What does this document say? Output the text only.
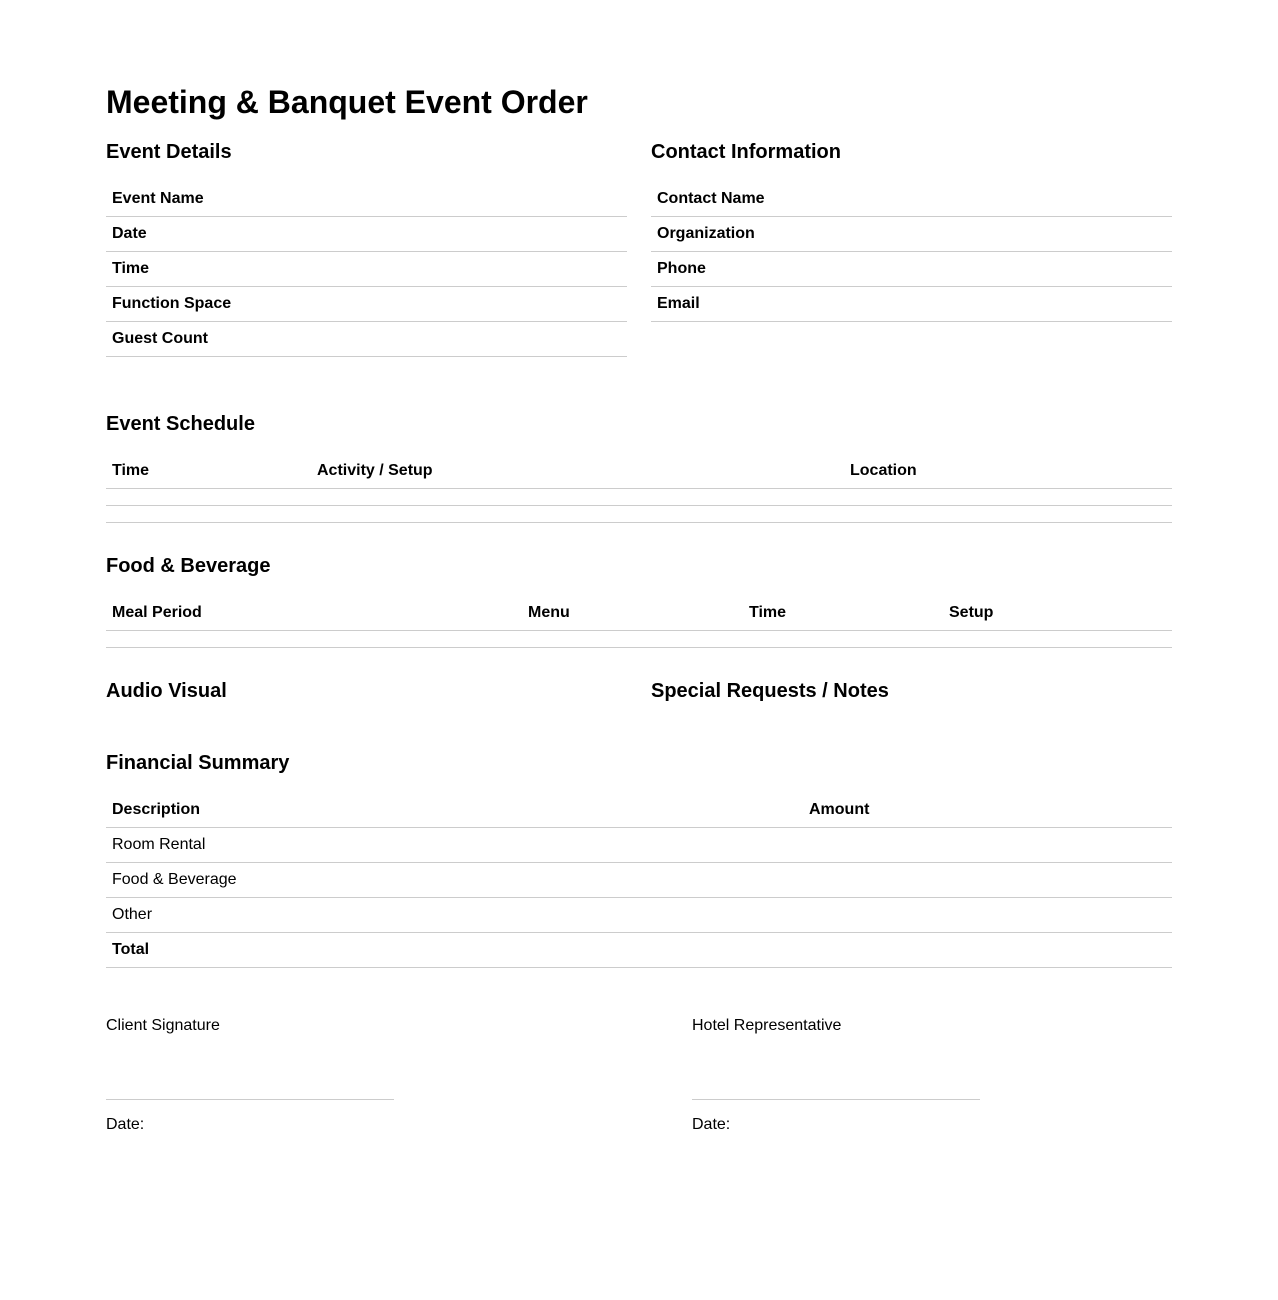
Meeting & Banquet Event Order
Event Details
Event Name
Date
Time
Function Space
Guest Count
Contact Information
Contact Name
Organization
Phone
Email
Event Schedule
Time	Activity / Setup	Location
Food & Beverage
Meal Period	Menu	Time	Setup
Audio Visual	Special Requests / Notes
Financial Summary
Description	Amount
Room Rental
Food & Beverage
Other
Total
Client Signature
Date:
Hotel Representative
Date:
